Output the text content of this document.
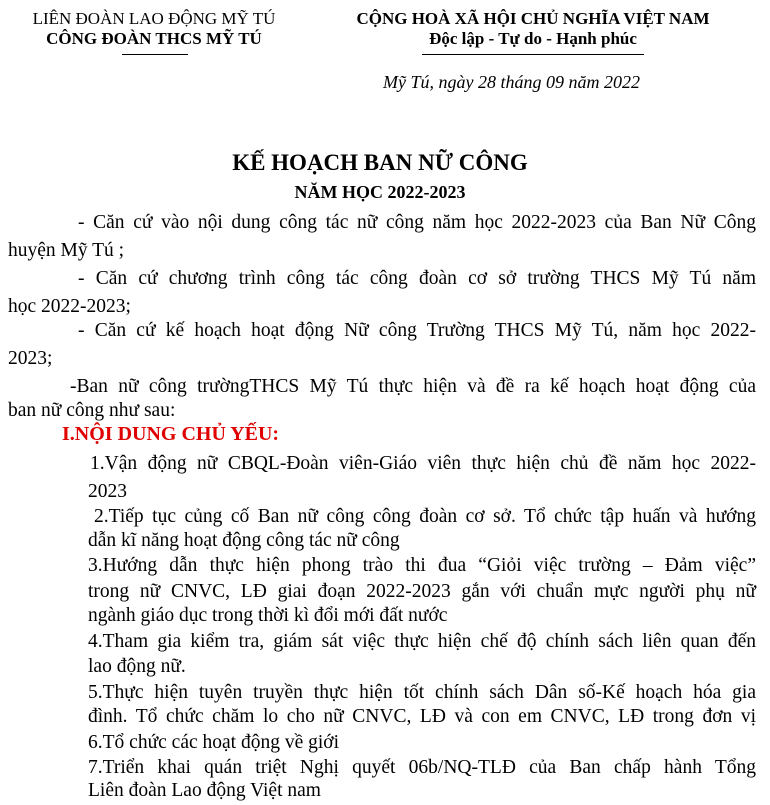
LIÊN ĐOÀN LAO ĐỘNG MỸ TÚ
CÔNG ĐOÀN THCS MỸ TÚ
CỘNG HOÀ XÃ HỘI CHỦ NGHĨA VIỆT NAM
Độc lập - Tự do - Hạnh phúc
Mỹ Tú, ngày 28 tháng 09 năm 2022
KẾ HOẠCH BAN NỮ CÔNG
NĂM HỌC 2022-2023
- Căn cứ vào nội dung công tác nữ công năm học 2022-2023 của Ban Nữ Công
huyện Mỹ Tú ;
- Căn cứ chương trình công tác công đoàn cơ sở trường THCS Mỹ Tú năm
học 2022-2023;
- Căn cứ kế hoạch hoạt động Nữ công Trường THCS Mỹ Tú, năm học 2022-
2023;
-Ban nữ công trườngTHCS Mỹ Tú thực hiện và đề ra kế hoạch hoạt động của
ban nữ công như sau:
I.NỘI DUNG CHỦ YẾU:
1.Vận động nữ CBQL-Đoàn viên-Giáo viên thực hiện chủ đề năm học 2022-
2023
2.Tiếp tục củng cố Ban nữ công công đoàn cơ sở. Tổ chức tập huấn và hướng
dẫn kĩ năng hoạt động công tác nữ công
3.Hướng dẫn thực hiện phong trào thi đua “Giỏi việc trường – Đảm việc”
trong nữ CNVC, LĐ giai đoạn 2022-2023 gắn với chuẩn mực người phụ nữ
ngành giáo dục trong thời kì đổi mới đất nước
4.Tham gia kiểm tra, giám sát việc thực hiện chế độ chính sách liên quan đến
lao động nữ.
5.Thực hiện tuyên truyền thực hiện tốt chính sách Dân số-Kế hoạch hóa gia
đình. Tổ chức chăm lo cho nữ CNVC, LĐ và con em CNVC, LĐ trong đơn vị
6.Tổ chức các hoạt động về giới
7.Triển khai quán triệt Nghị quyết 06b/NQ-TLĐ của Ban chấp hành Tổng
Liên đoàn Lao động Việt nam
